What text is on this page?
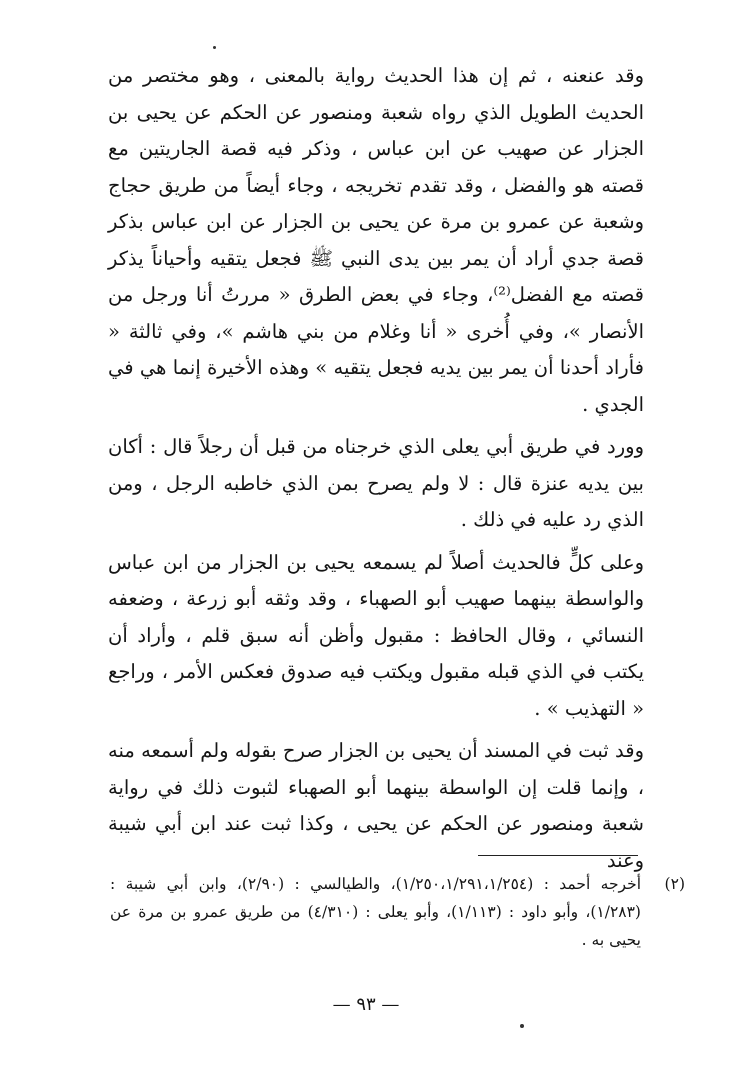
وقد عنعنه ، ثم إن هذا الحديث رواية بالمعنى ، وهو مختصر من الحديث الطويل الذي رواه شعبة ومنصور عن الحكم عن يحيى بن الجزار عن صهيب عن ابن عباس ، وذكر فيه قصة الجاريتين مع قصته هو والفضل ، وقد تقدم تخريجه ، وجاء أيضاً من طريق حجاج وشعبة عن عمرو بن مرة عن يحيى بن الجزار عن ابن عباس بذكر قصة جدي أراد أن يمر بين يدى النبي ﷺ فجعل يتقيه وأحياناً يذكر قصته مع الفضل⁽²⁾، وجاء في بعض الطرق « مررتُ أنا ورجل من الأنصار »، وفي أُخرى « أنا وغلام من بني هاشم »، وفي ثالثة « فأراد أحدنا أن يمر بين يديه فجعل يتقيه » وهذه الأخيرة إنما هي في الجدي .

وورد في طريق أبي يعلى الذي خرجناه من قبل أن رجلاً قال : أكان بين يديه عنزة قال : لا ولم يصرح بمن الذي خاطبه الرجل ، ومن الذي رد عليه في ذلك .

وعلى كلٍّ فالحديث أصلاً لم يسمعه يحيى بن الجزار من ابن عباس والواسطة بينهما صهيب أبو الصهباء ، وقد وثقه أبو زرعة ، وضعفه النسائي ، وقال الحافظ : مقبول وأظن أنه سبق قلم ، وأراد أن يكتب في الذي قبله مقبول ويكتب فيه صدوق فعكس الأمر ، وراجع « التهذيب » .

وقد ثبت في المسند أن يحيى بن الجزار صرح بقوله ولم أسمعه منه ، وإنما قلت إن الواسطة بينهما أبو الصهباء لثبوت ذلك في رواية شعبة ومنصور عن الحكم عن يحيى ، وكذا ثبت عند ابن أبي شيبة وعند

(٢)
أخرجه أحمد : (١/٢٥٠،١/٢٩١،١/٢٥٤)، والطيالسي : (٢/٩٠)، وابن أبي شيبة : (١/٢٨٣)، وأبو داود : (١/١١٣)، وأبو يعلى : (٤/٣١٠) من طريق عمرو بن مرة عن يحيى به .
— ٩٣ —
